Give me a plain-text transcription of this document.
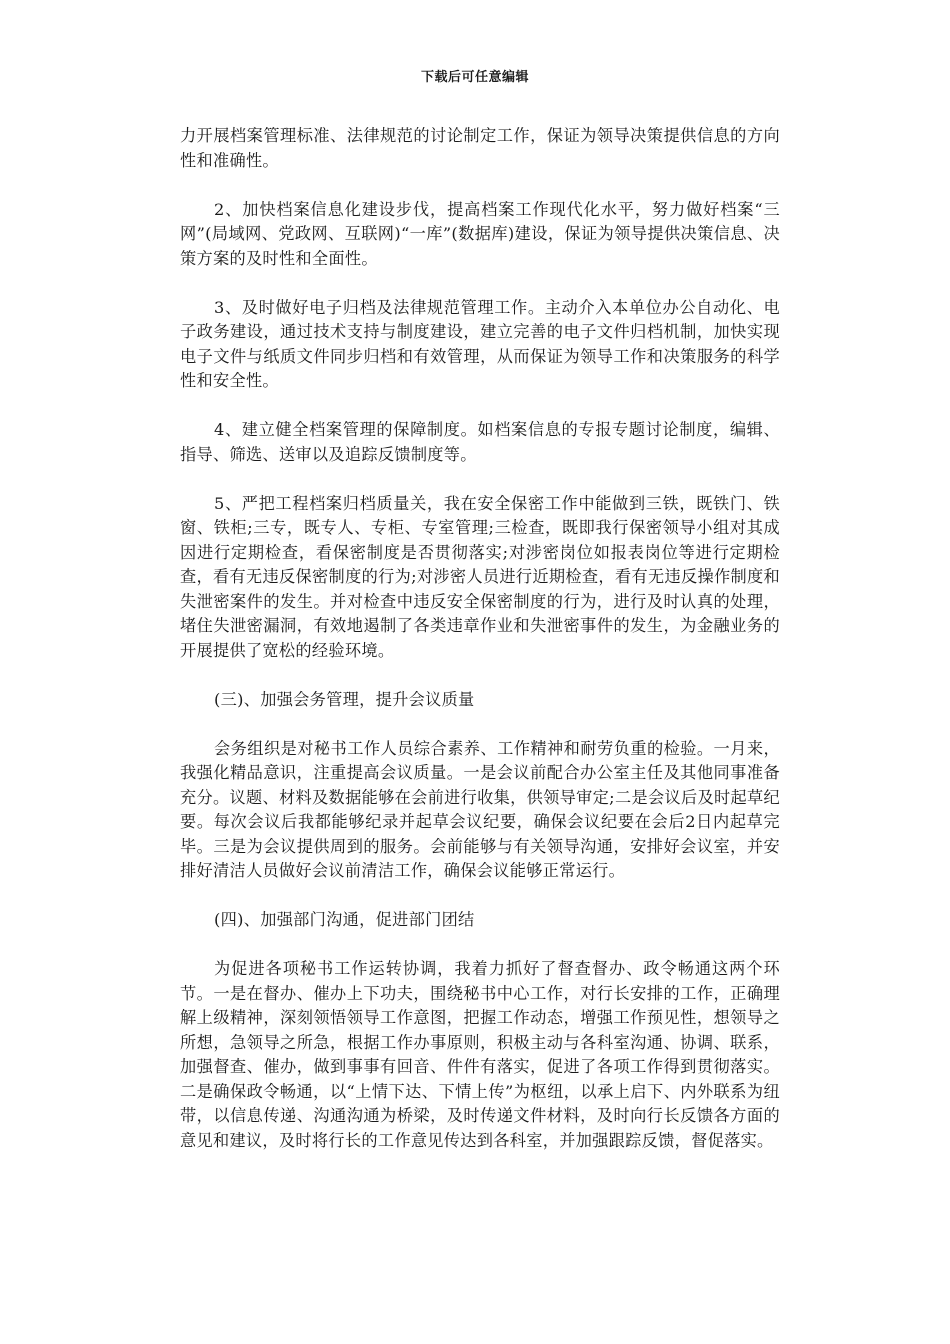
下载后可任意编辑

力开展档案管理标准、法律规范的讨论制定工作，保证为领导决策提供信息的方向性和准确性。

2、加快档案信息化建设步伐，提高档案工作现代化水平，努力做好档案“三网”(局域网、党政网、互联网)“一库”(数据库)建设，保证为领导提供决策信息、决策方案的及时性和全面性。

3、及时做好电子归档及法律规范管理工作。主动介入本单位办公自动化、电子政务建设，通过技术支持与制度建设，建立完善的电子文件归档机制，加快实现电子文件与纸质文件同步归档和有效管理，从而保证为领导工作和决策服务的科学性和安全性。

4、建立健全档案管理的保障制度。如档案信息的专报专题讨论制度，编辑、指导、筛选、送审以及追踪反馈制度等。

5、严把工程档案归档质量关，我在安全保密工作中能做到三铁，既铁门、铁窗、铁柜;三专，既专人、专柜、专室管理;三检查，既即我行保密领导小组对其成因进行定期检查，看保密制度是否贯彻落实;对涉密岗位如报表岗位等进行定期检查，看有无违反保密制度的行为;对涉密人员进行近期检查，看有无违反操作制度和失泄密案件的发生。并对检查中违反安全保密制度的行为，进行及时认真的处理，堵住失泄密漏洞，有效地遏制了各类违章作业和失泄密事件的发生，为金融业务的开展提供了宽松的经验环境。

(三)、加强会务管理，提升会议质量

会务组织是对秘书工作人员综合素养、工作精神和耐劳负重的检验。一月来，我强化精品意识，注重提高会议质量。一是会议前配合办公室主任及其他同事准备充分。议题、材料及数据能够在会前进行收集，供领导审定;二是会议后及时起草纪要。每次会议后我都能够纪录并起草会议纪要，确保会议纪要在会后2日内起草完毕。三是为会议提供周到的服务。会前能够与有关领导沟通，安排好会议室，并安排好清洁人员做好会议前清洁工作，确保会议能够正常运行。

(四)、加强部门沟通，促进部门团结

为促进各项秘书工作运转协调，我着力抓好了督查督办、政令畅通这两个环节。一是在督办、催办上下功夫，围绕秘书中心工作，对行长安排的工作，正确理解上级精神，深刻领悟领导工作意图，把握工作动态，增强工作预见性，想领导之所想，急领导之所急，根据工作办事原则，积极主动与各科室沟通、协调、联系，加强督查、催办，做到事事有回音、件件有落实，促进了各项工作得到贯彻落实。二是确保政令畅通，以“上情下达、下情上传”为枢纽，以承上启下、内外联系为纽带，以信息传递、沟通沟通为桥梁，及时传递文件材料，及时向行长反馈各方面的意见和建议，及时将行长的工作意见传达到各科室，并加强跟踪反馈，督促落实。
